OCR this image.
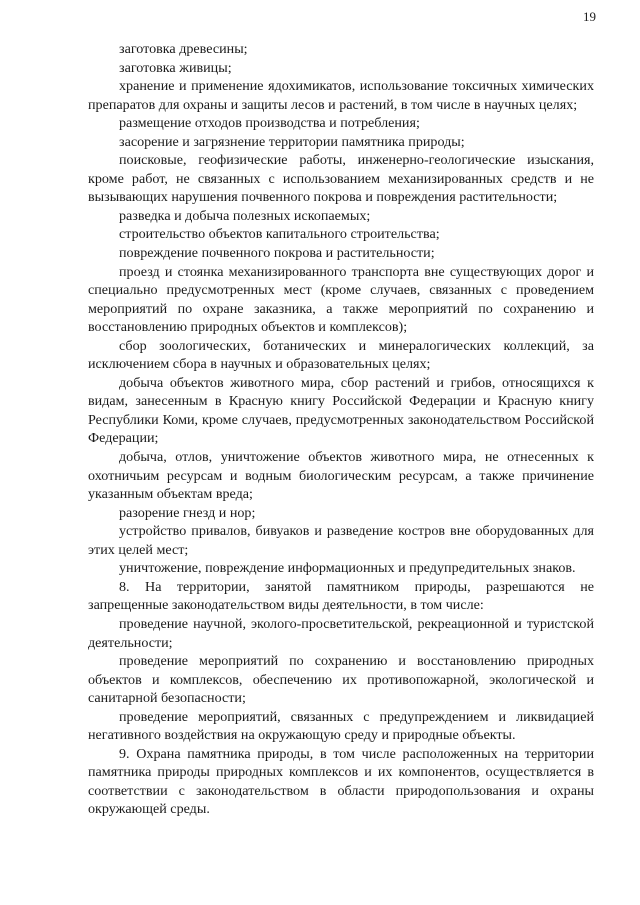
19

заготовка древесины;

заготовка живицы;

хранение и применение ядохимикатов, использование токсичных химических препаратов для охраны и защиты лесов и растений, в том числе в научных целях;

размещение отходов производства и потребления;

засорение и загрязнение территории памятника природы;

поисковые, геофизические работы, инженерно-геологические изыскания, кроме работ, не связанных с использованием механизированных средств и не вызывающих нарушения почвенного покрова и повреждения растительности;

разведка и добыча полезных ископаемых;

строительство объектов капитального строительства;

повреждение почвенного покрова и растительности;

проезд и стоянка механизированного транспорта вне существующих дорог и специально предусмотренных мест (кроме случаев, связанных с проведением мероприятий по охране заказника, а также мероприятий по сохранению и восстановлению природных объектов и комплексов);

сбор зоологических, ботанических и минералогических коллекций, за исключением сбора в научных и образовательных целях;

добыча объектов животного мира, сбор растений и грибов, относящихся к видам, занесенным в Красную книгу Российской Федерации и Красную книгу Республики Коми, кроме случаев, предусмотренных законодательством Российской Федерации;

добыча, отлов, уничтожение объектов животного мира, не отнесенных к охотничьим ресурсам и водным биологическим ресурсам, а также причинение указанным объектам вреда;

разорение гнезд и нор;

устройство привалов, бивуаков и разведение костров вне оборудованных для этих целей мест;

уничтожение, повреждение информационных и предупредительных знаков.

8. На территории, занятой памятником природы, разрешаются не запрещенные законодательством виды деятельности, в том числе:

проведение научной, эколого-просветительской, рекреационной и туристской деятельности;

проведение мероприятий по сохранению и восстановлению природных объектов и комплексов, обеспечению их противопожарной, экологической и санитарной безопасности;

проведение мероприятий, связанных с предупреждением и ликвидацией негативного воздействия на окружающую среду и природные объекты.

9. Охрана памятника природы, в том числе расположенных на территории памятника природы природных комплексов и их компонентов, осуществляется в соответствии с законодательством в области природопользования и охраны окружающей среды.
